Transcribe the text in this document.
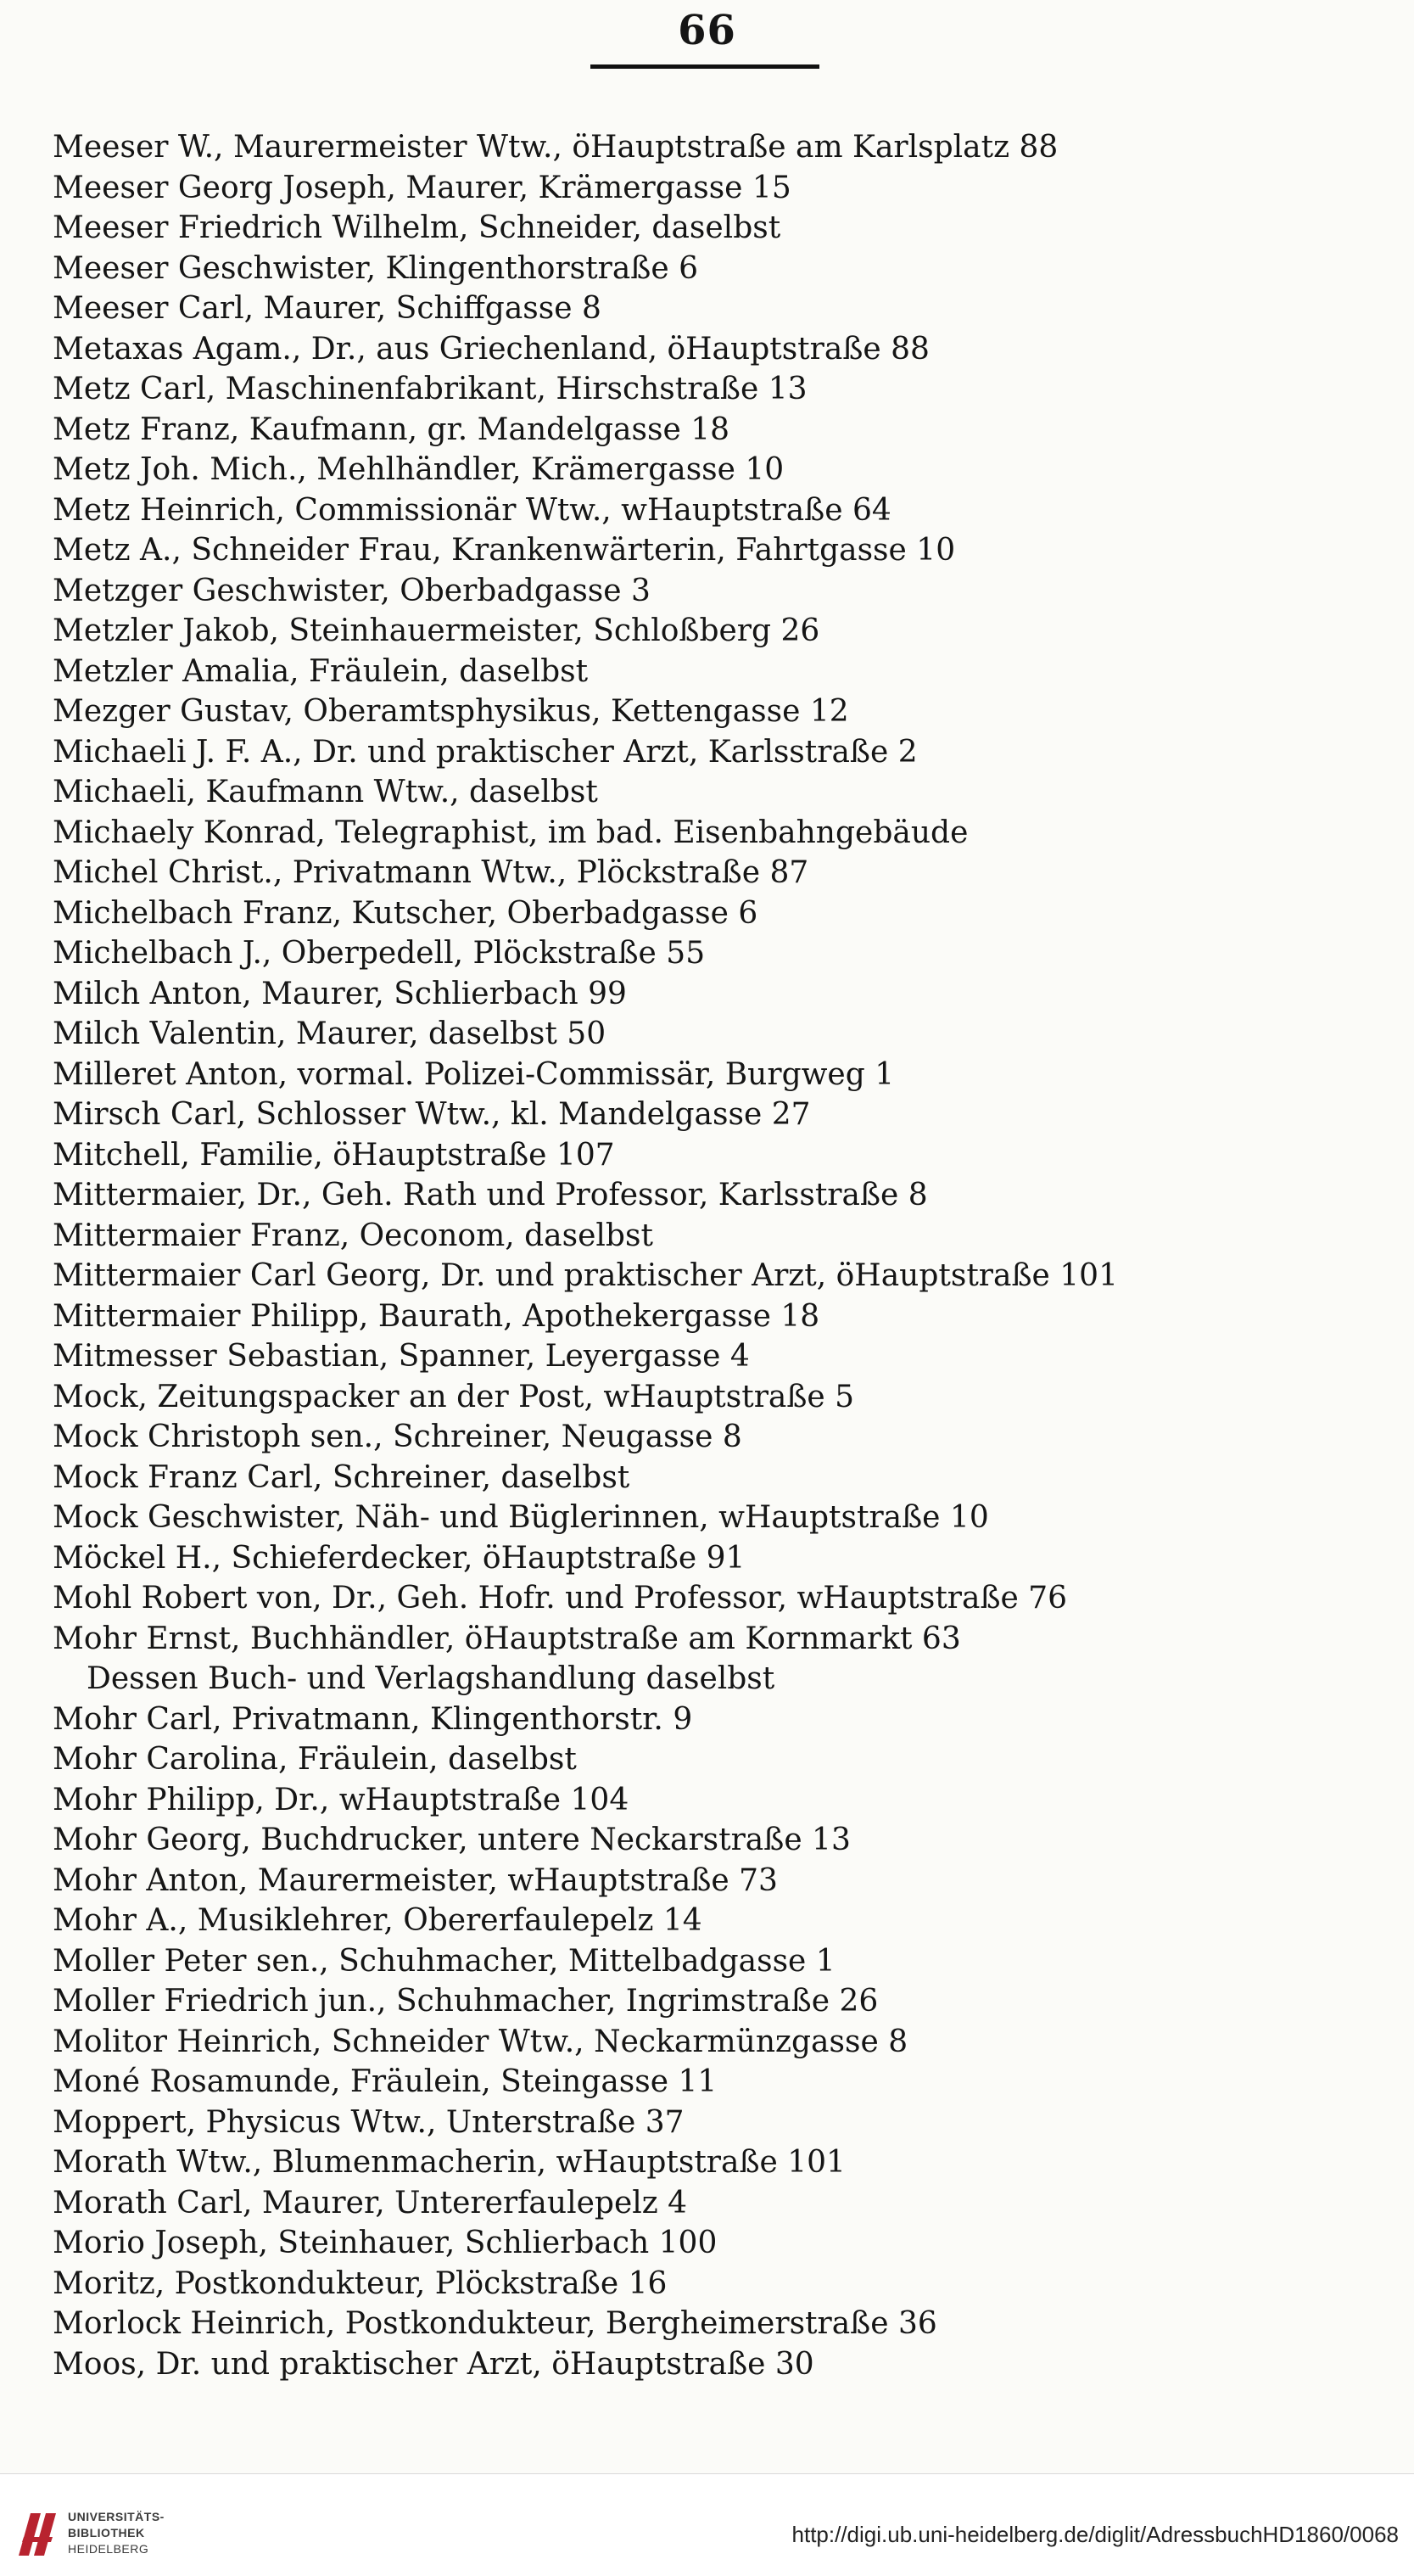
66
Meeser W., Maurermeister Wtw., öHauptstraße am Karlsplatz 88
Meeser Georg Joseph, Maurer, Krämergasse 15
Meeser Friedrich Wilhelm, Schneider, daselbst
Meeser Geschwister, Klingenthorstraße 6
Meeser Carl, Maurer, Schiffgasse 8
Metaxas Agam., Dr., aus Griechenland, öHauptstraße 88
Metz Carl, Maschinenfabrikant, Hirschstraße 13
Metz Franz, Kaufmann, gr. Mandelgasse 18
Metz Joh. Mich., Mehlhändler, Krämergasse 10
Metz Heinrich, Commissionär Wtw., wHauptstraße 64
Metz A., Schneider Frau, Krankenwärterin, Fahrtgasse 10
Metzger Geschwister, Oberbadgasse 3
Metzler Jakob, Steinhauermeister, Schloßberg 26
Metzler Amalia, Fräulein, daselbst
Mezger Gustav, Oberamtsphysikus, Kettengasse 12
Michaeli J. F. A., Dr. und praktischer Arzt, Karlsstraße 2
Michaeli, Kaufmann Wtw., daselbst
Michaely Konrad, Telegraphist, im bad. Eisenbahngebäude
Michel Christ., Privatmann Wtw., Plöckstraße 87
Michelbach Franz, Kutscher, Oberbadgasse 6
Michelbach J., Oberpedell, Plöckstraße 55
Milch Anton, Maurer, Schlierbach 99
Milch Valentin, Maurer, daselbst 50
Milleret Anton, vormal. Polizei-Commissär, Burgweg 1
Mirsch Carl, Schlosser Wtw., kl. Mandelgasse 27
Mitchell, Familie, öHauptstraße 107
Mittermaier, Dr., Geh. Rath und Professor, Karlsstraße 8
Mittermaier Franz, Oeconom, daselbst
Mittermaier Carl Georg, Dr. und praktischer Arzt, öHauptstraße 101
Mittermaier Philipp, Baurath, Apothekergasse 18
Mitmesser Sebastian, Spanner, Leyergasse 4
Mock, Zeitungspacker an der Post, wHauptstraße 5
Mock Christoph sen., Schreiner, Neugasse 8
Mock Franz Carl, Schreiner, daselbst
Mock Geschwister, Näh- und Büglerinnen, wHauptstraße 10
Möckel H., Schieferdecker, öHauptstraße 91
Mohl Robert von, Dr., Geh. Hofr. und Professor, wHauptstraße 76
Mohr Ernst, Buchhändler, öHauptstraße am Kornmarkt 63
Dessen Buch- und Verlagshandlung daselbst
Mohr Carl, Privatmann, Klingenthorstr. 9
Mohr Carolina, Fräulein, daselbst
Mohr Philipp, Dr., wHauptstraße 104
Mohr Georg, Buchdrucker, untere Neckarstraße 13
Mohr Anton, Maurermeister, wHauptstraße 73
Mohr A., Musiklehrer, Obererfaulepelz 14
Moller Peter sen., Schuhmacher, Mittelbadgasse 1
Moller Friedrich jun., Schuhmacher, Ingrimstraße 26
Molitor Heinrich, Schneider Wtw., Neckarmünzgasse 8
Moné Rosamunde, Fräulein, Steingasse 11
Moppert, Physicus Wtw., Unterstraße 37
Morath Wtw., Blumenmacherin, wHauptstraße 101
Morath Carl, Maurer, Untererfaulepelz 4
Morio Joseph, Steinhauer, Schlierbach 100
Moritz, Postkondukteur, Plöckstraße 16
Morlock Heinrich, Postkondukteur, Bergheimerstraße 36
Moos, Dr. und praktischer Arzt, öHauptstraße 30
UNIVERSITÄTS-
BIBLIOTHEK
HEIDELBERG
http://digi.ub.uni-heidelberg.de/diglit/AdressbuchHD1860/0068
